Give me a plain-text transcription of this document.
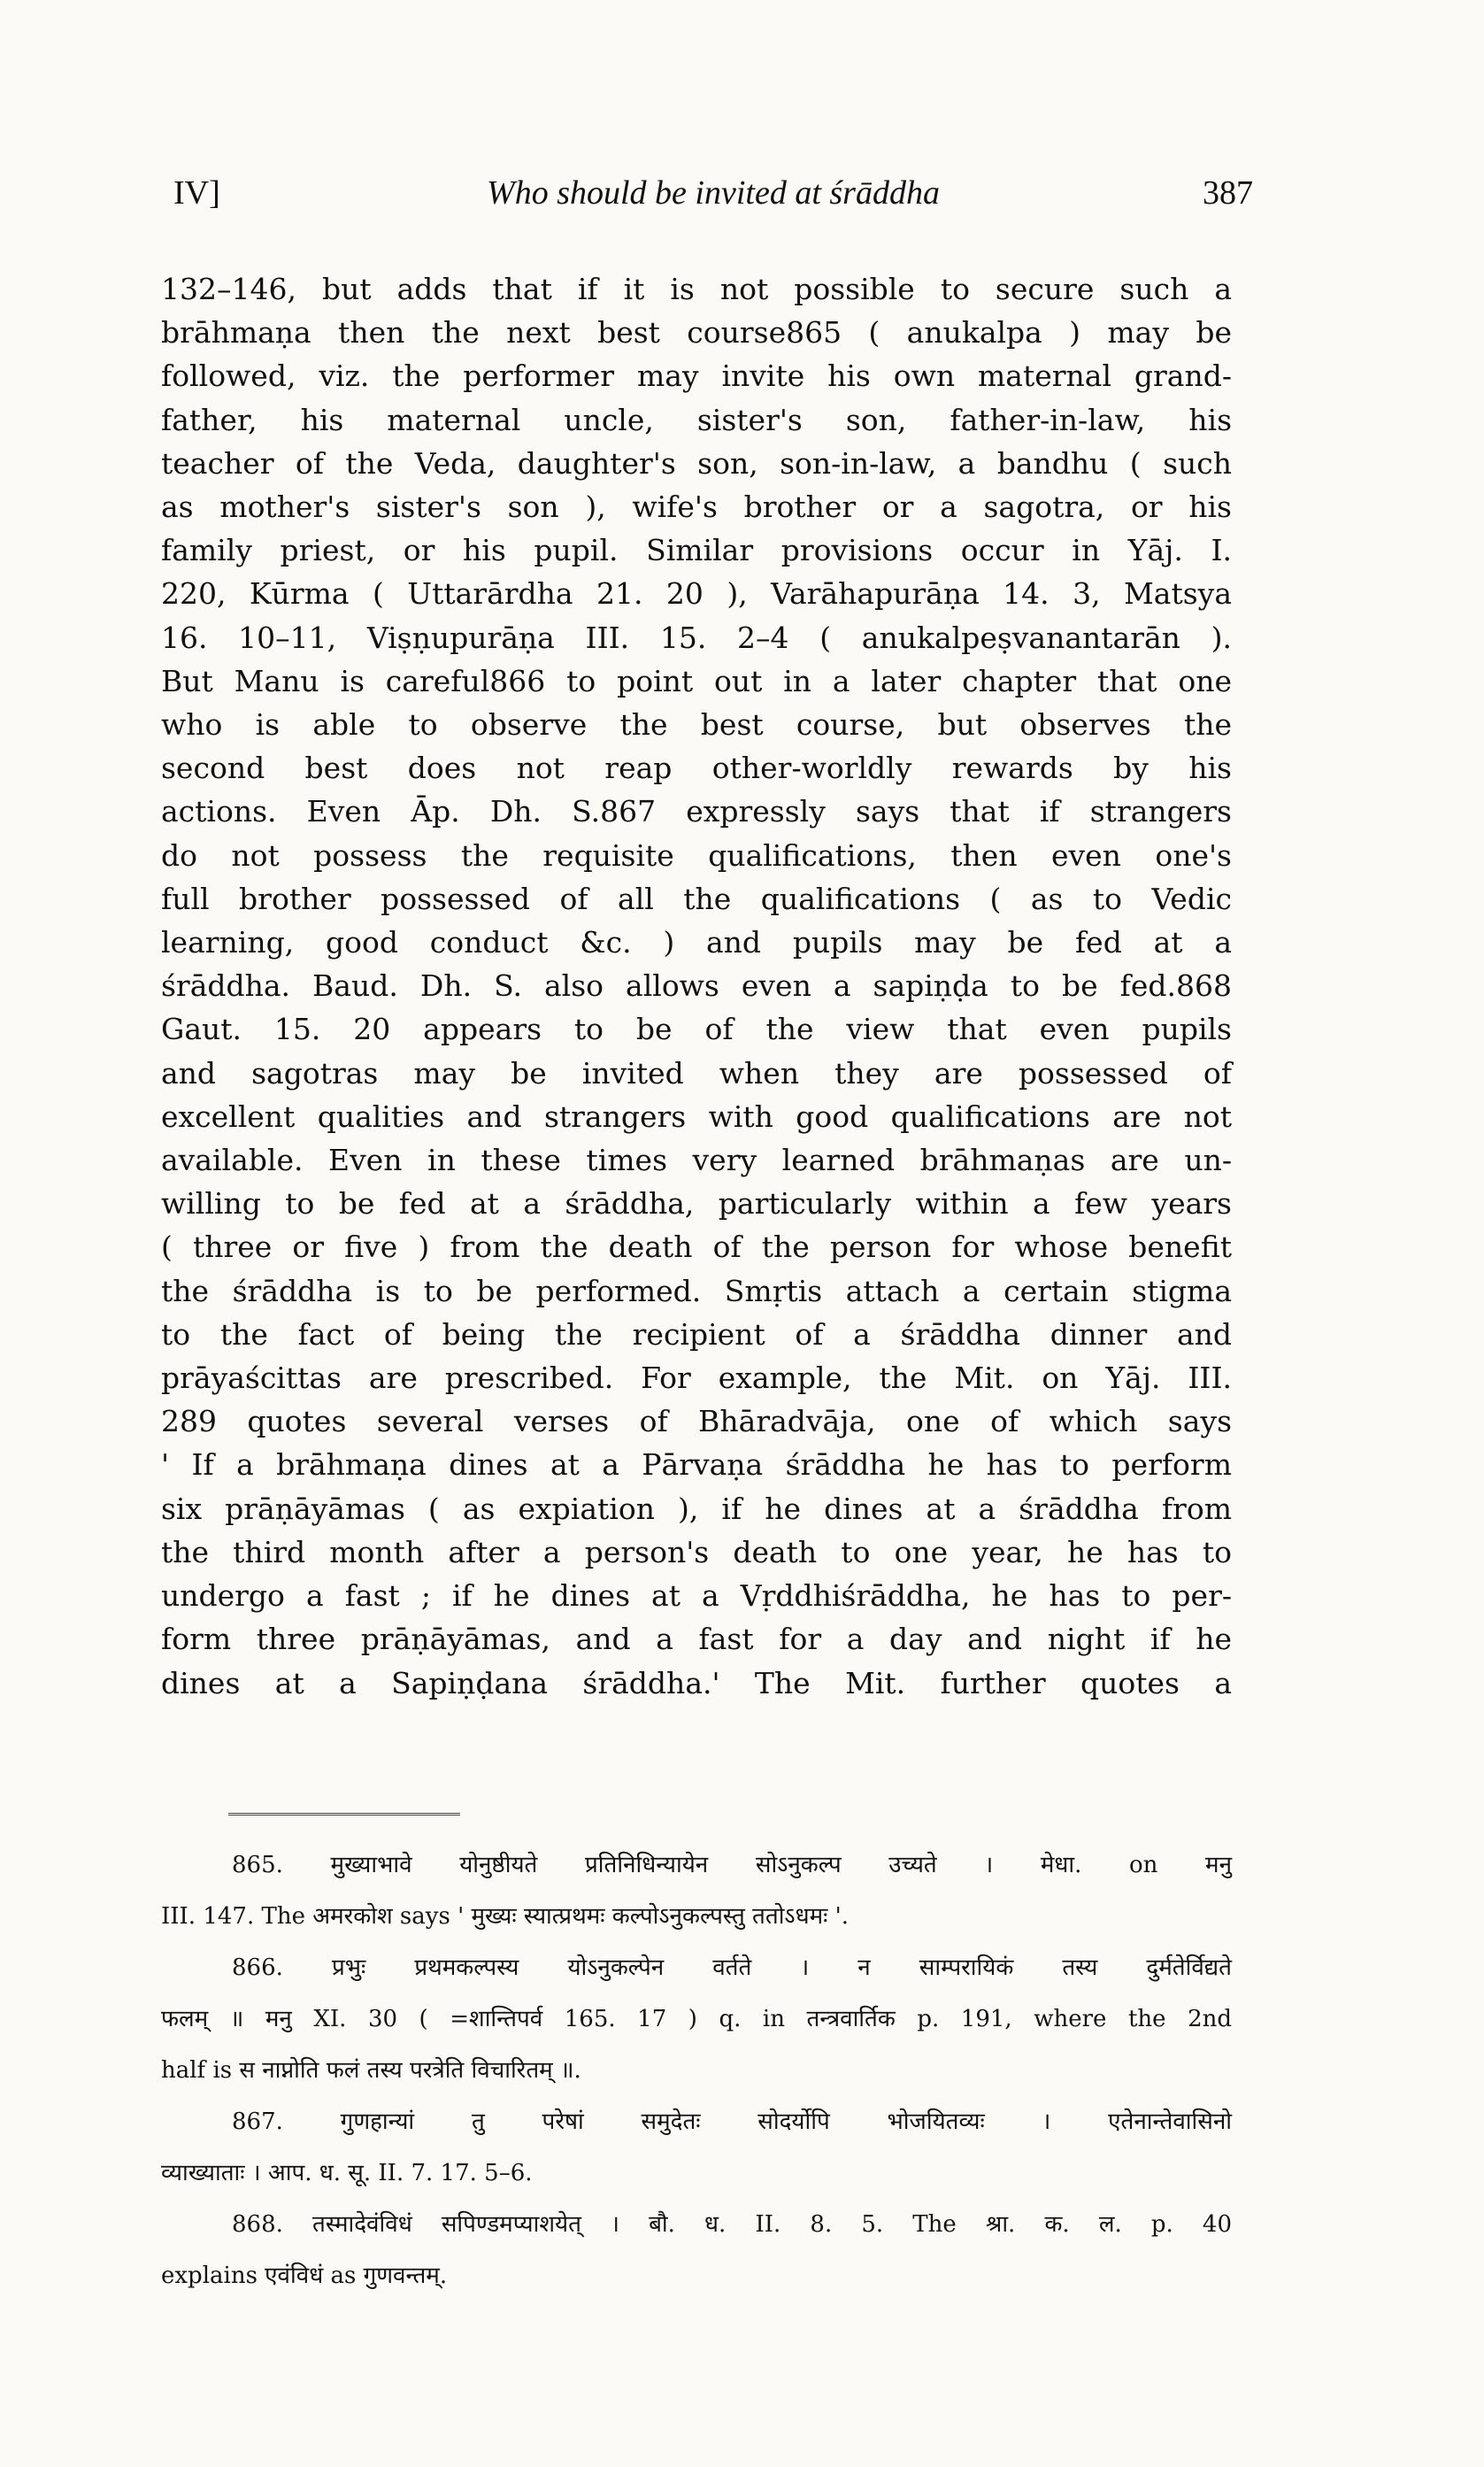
IV]	Who should be invited at śrāddha	387
132–146, but adds that if it is not possible to secure such a
brāhmaṇa then the next best course865 ( anukalpa ) may be
followed, viz. the performer may invite his own maternal grand-
father, his maternal uncle, sister's son, father-in-law, his
teacher of the Veda, daughter's son, son-in-law, a bandhu ( such
as mother's sister's son ), wife's brother or a sagotra, or his
family priest, or his pupil. Similar provisions occur in Yāj. I.
220, Kūrma ( Uttarārdha 21. 20 ), Varāhapurāṇa 14. 3, Matsya
16. 10–11, Viṣṇupurāṇa III. 15. 2–4 ( anukalpeṣvanantarān ).
But Manu is careful866 to point out in a later chapter that one
who is able to observe the best course, but observes the
second best does not reap other-worldly rewards by his
actions. Even Āp. Dh. S.867 expressly says that if strangers
do not possess the requisite qualifications, then even one's
full brother possessed of all the qualifications ( as to Vedic
learning, good conduct &c. ) and pupils may be fed at a
śrāddha. Baud. Dh. S. also allows even a sapiṇḍa to be fed.868
Gaut. 15. 20 appears to be of the view that even pupils
and sagotras may be invited when they are possessed of
excellent qualities and strangers with good qualifications are not
available. Even in these times very learned brāhmaṇas are un-
willing to be fed at a śrāddha, particularly within a few years
( three or five ) from the death of the person for whose benefit
the śrāddha is to be performed. Smṛtis attach a certain stigma
to the fact of being the recipient of a śrāddha dinner and
prāyaścittas are prescribed. For example, the Mit. on Yāj. III.
289 quotes several verses of Bhāradvāja, one of which says
' If a brāhmaṇa dines at a Pārvaṇa śrāddha he has to perform
six prāṇāyāmas ( as expiation ), if he dines at a śrāddha from
the third month after a person's death to one year, he has to
undergo a fast ; if he dines at a Vṛddhiśrāddha, he has to per-
form three prāṇāyāmas, and a fast for a day and night if he
dines at a Sapiṇḍana śrāddha.' The Mit. further quotes a
865. मुख्याभावे योनुष्ठीयते प्रतिनिधिन्यायेन सोऽनुकल्प उच्यते । मेधा. on मनु
III. 147. The अमरकोश says ' मुख्यः स्यात्प्रथमः कल्पोऽनुकल्पस्तु ततोऽधमः '.
866. प्रभुः प्रथमकल्पस्य योऽनुकल्पेन वर्तते । न साम्परायिकं तस्य दुर्मतेर्विद्यते
फलम् ॥ मनु XI. 30 ( =शान्तिपर्व 165. 17 ) q. in तन्त्रवार्तिक p. 191, where the 2nd
half is स नाप्नोति फलं तस्य परत्रेति विचारितम् ॥.
867. गुणहान्यां तु परेषां समुदेतः सोदर्योपि भोजयितव्यः । एतेनान्तेवासिनो
व्याख्याताः । आप. ध. सू. II. 7. 17. 5–6.
868. तस्मादेवंविधं सपिण्डमप्याशयेत् । बौ. ध. II. 8. 5. The श्रा. क. ल. p. 40
explains एवंविधं as गुणवन्तम्.
